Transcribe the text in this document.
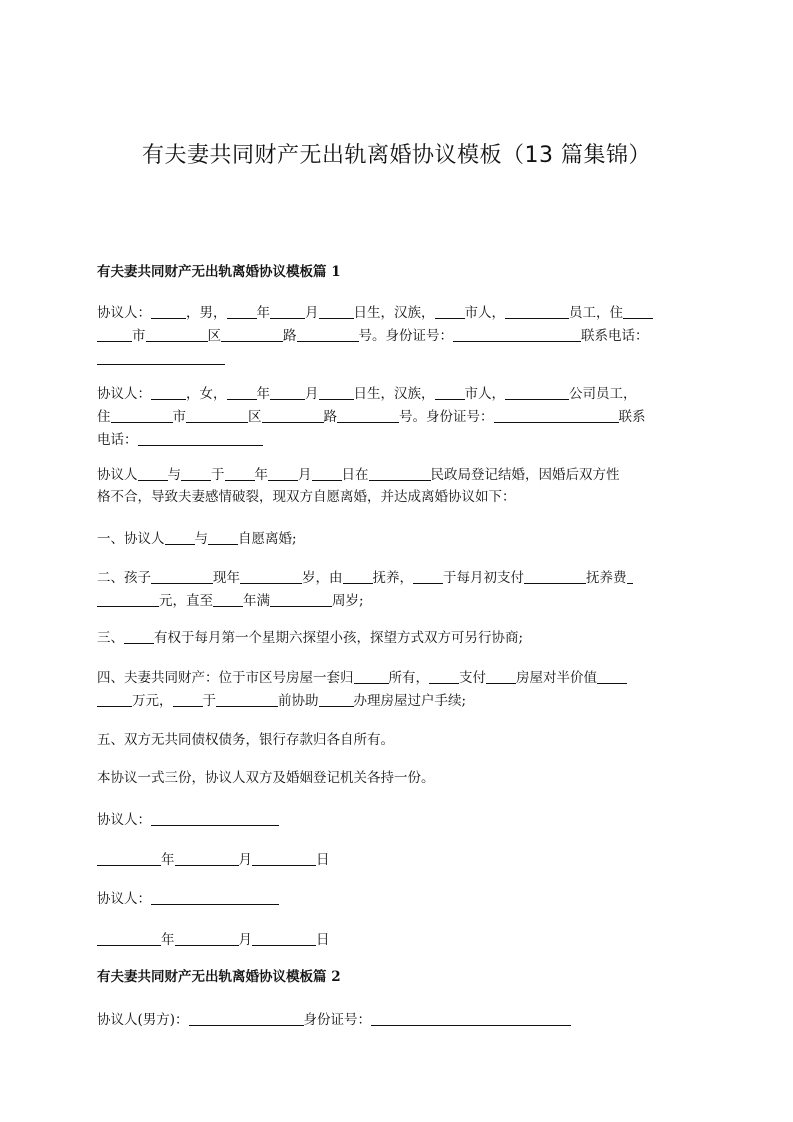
有夫妻共同财产无出轨离婚协议模板（13 篇集锦）
有夫妻共同财产无出轨离婚协议模板篇 1
协议人：	，男， 年	月	日生，汉族， 市人，	员工，住
市	区	路	号。身份证号：	联系电话：
协议人：	，女， 年	月	日生，汉族， 市人，	公司员工，
住	市	区	路	号。身份证号：	联系
电话：
协议人 与 于 年 月 日在	民政局登记结婚，因婚后双方性
格不合，导致夫妻感情破裂，现双方自愿离婚，并达成离婚协议如下：
一、协议人 与 自愿离婚;
二、孩子	现年	岁，由 抚养， 于每月初支付	抚养费
元，直至 年满	周岁;
三、 有权于每月第一个星期六探望小孩，探望方式双方可另行协商;
四、夫妻共同财产：位于市区号房屋一套归	所有， 支付 房屋对半价值
万元， 于	前协助	办理房屋过户手续;
五、双方无共同债权债务，银行存款归各自所有。
本协议一式三份，协议人双方及婚姻登记机关各持一份。
协议人：
年	月	日
协议人：
年	月	日
有夫妻共同财产无出轨离婚协议模板篇 2
协议人(男方)：	身份证号：
